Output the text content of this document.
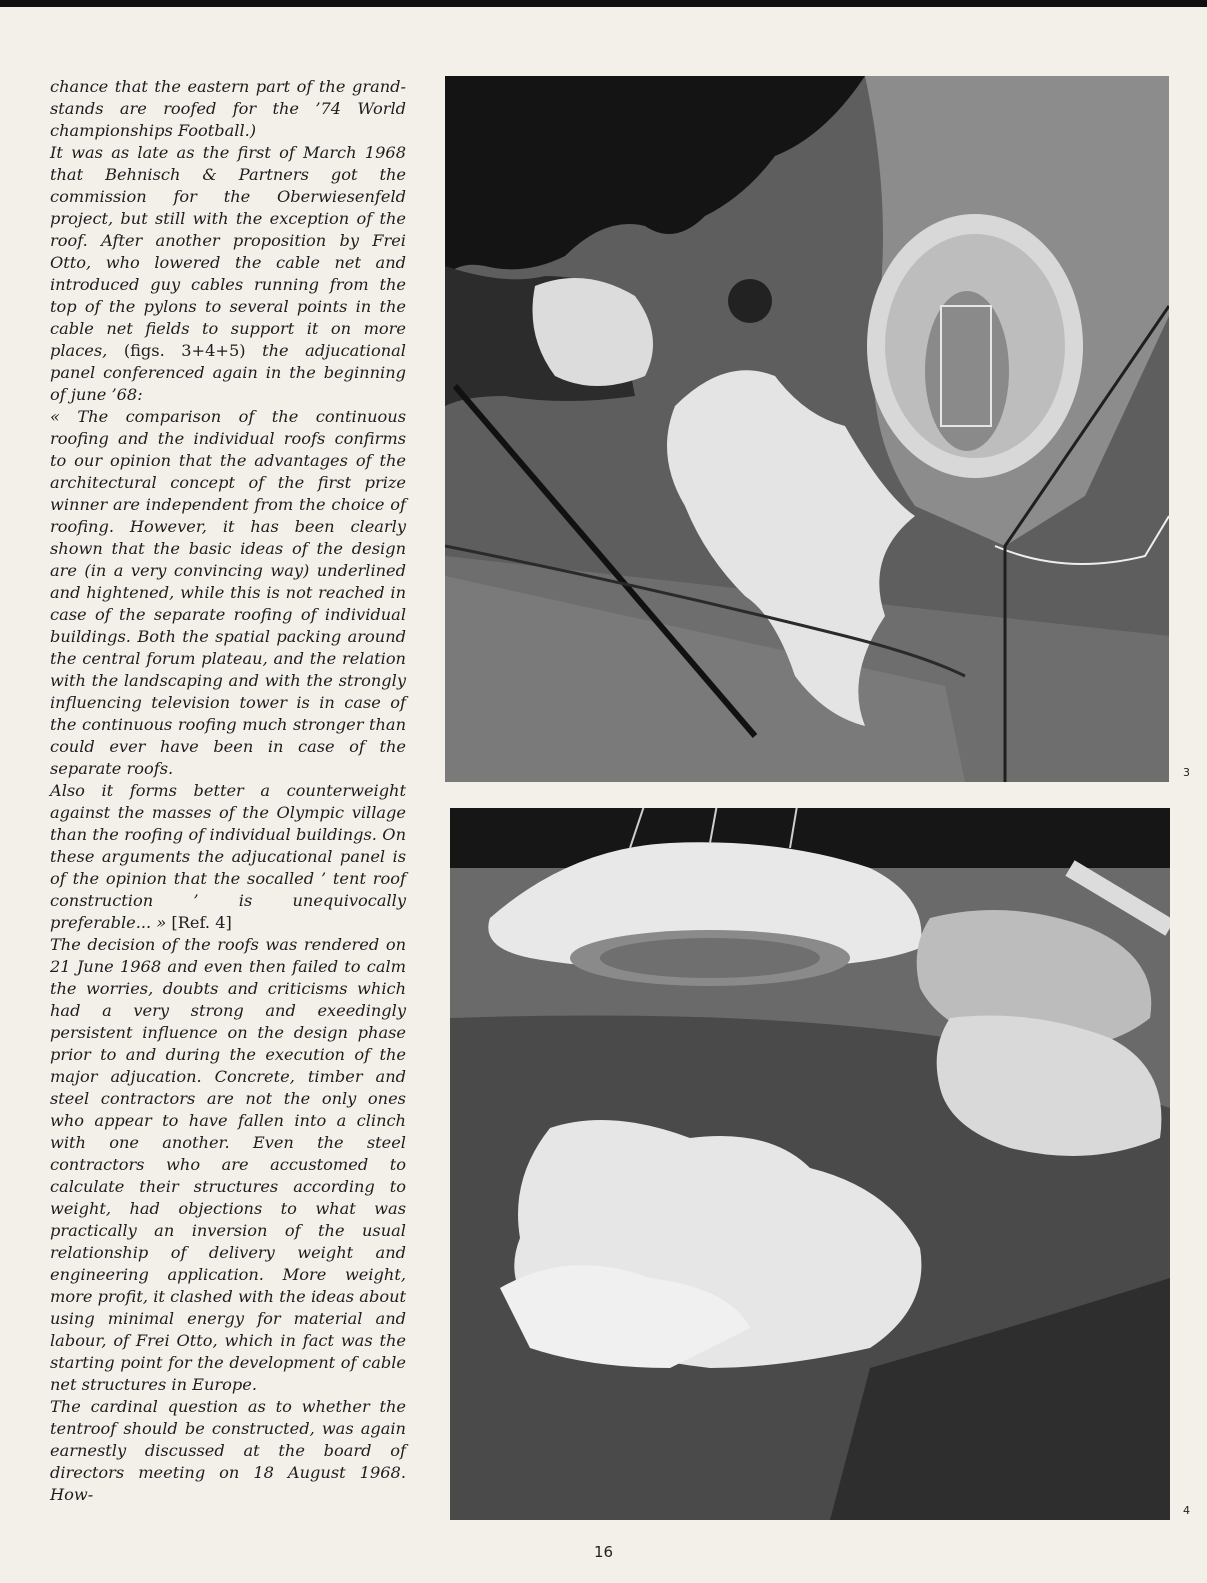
chance that the eastern part of the grand-stands are roofed for the ’74 World championships Football.)

It was as late as the first of March 1968 that Behnisch & Partners got the commission for the Oberwiesenfeld project, but still with the exception of the roof. After another proposition by Frei Otto, who lowered the cable net and introduced guy cables running from the top of the pylons to several points in the cable net fields to support it on more places, (figs. 3+4+5) the adjucational panel conferenced again in the beginning of june ’68:

« The comparison of the continuous roofing and the individual roofs confirms to our opinion that the advantages of the architectural concept of the first prize winner are independent from the choice of roofing. However, it has been clearly shown that the basic ideas of the design are (in a very convincing way) underlined and hightened, while this is not reached in case of the separate roofing of individual buildings. Both the spatial packing around the central forum plateau, and the relation with the landscaping and with the strongly influencing television tower is in case of the continuous roofing much stronger than could ever have been in case of the separate roofs.

Also it forms better a counterweight against the masses of the Olympic village than the roofing of individual buildings. On these arguments the adjucational panel is of the opinion that the socalled ’ tent roof construction ’ is unequivocally preferable... » [Ref. 4]

The decision of the roofs was rendered on 21 June 1968 and even then failed to calm the worries, doubts and criticisms which had a very strong and exeedingly persistent influence on the design phase prior to and during the execution of the major adjucation. Concrete, timber and steel contractors are not the only ones who appear to have fallen into a clinch with one another. Even the steel contractors who are accustomed to calculate their structures according to weight, had objections to what was practically an inversion of the usual relationship of delivery weight and engineering application. More weight, more profit, it clashed with the ideas about using minimal energy for material and labour, of Frei Otto, which in fact was the starting point for the development of cable net structures in Europe.

The cardinal question as to whether the tentroof should be constructed, was again earnestly discussed at the board of directors meeting on 18 August 1968. How-

3
4
16
